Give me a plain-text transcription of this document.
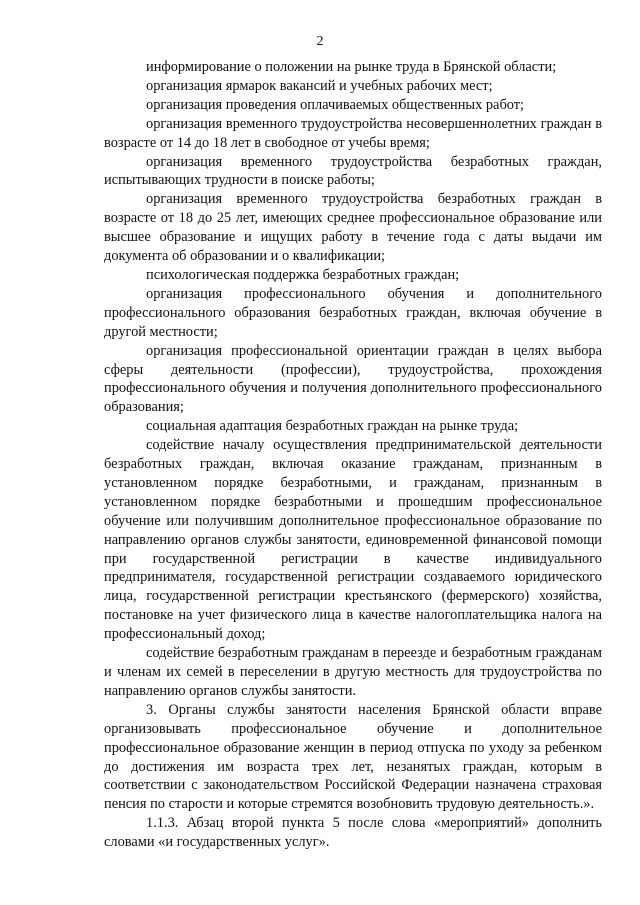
2

информирование о положении на рынке труда в Брянской области;

организация ярмарок вакансий и учебных рабочих мест;

организация проведения оплачиваемых общественных работ;

организация временного трудоустройства несовершеннолетних граждан в возрасте от 14 до 18 лет в свободное от учебы время;

организация временного трудоустройства безработных граждан, испытывающих трудности в поиске работы;

организация временного трудоустройства безработных граждан в возрасте от 18 до 25 лет, имеющих среднее профессиональное образование или высшее образование и ищущих работу в течение года с даты выдачи им документа об образовании и о квалификации;

психологическая поддержка безработных граждан;

организация профессионального обучения и дополнительного профессионального образования безработных граждан, включая обучение в другой местности;

организация профессиональной ориентации граждан в целях выбора сферы деятельности (профессии), трудоустройства, прохождения профессионального обучения и получения дополнительного профессионального образования;

социальная адаптация безработных граждан на рынке труда;

содействие началу осуществления предпринимательской деятельности безработных граждан, включая оказание гражданам, признанным в установленном порядке безработными, и гражданам, признанным в установленном порядке безработными и прошедшим профессиональное обучение или получившим дополнительное профессиональное образование по направлению органов службы занятости, единовременной финансовой помощи при государственной регистрации в качестве индивидуального предпринимателя, государственной регистрации создаваемого юридического лица, государственной регистрации крестьянского (фермерского) хозяйства, постановке на учет физического лица в качестве налогоплательщика налога на профессиональный доход;

содействие безработным гражданам в переезде и безработным гражданам и членам их семей в переселении в другую местность для трудоустройства по направлению органов службы занятости.

3. Органы службы занятости населения Брянской области вправе организовывать профессиональное обучение и дополнительное профессиональное образование женщин в период отпуска по уходу за ребенком до достижения им возраста трех лет, незанятых граждан, которым в соответствии с законодательством Российской Федерации назначена страховая пенсия по старости и которые стремятся возобновить трудовую деятельность.».

1.1.3. Абзац второй пункта 5 после слова «мероприятий» дополнить словами «и государственных услуг».
